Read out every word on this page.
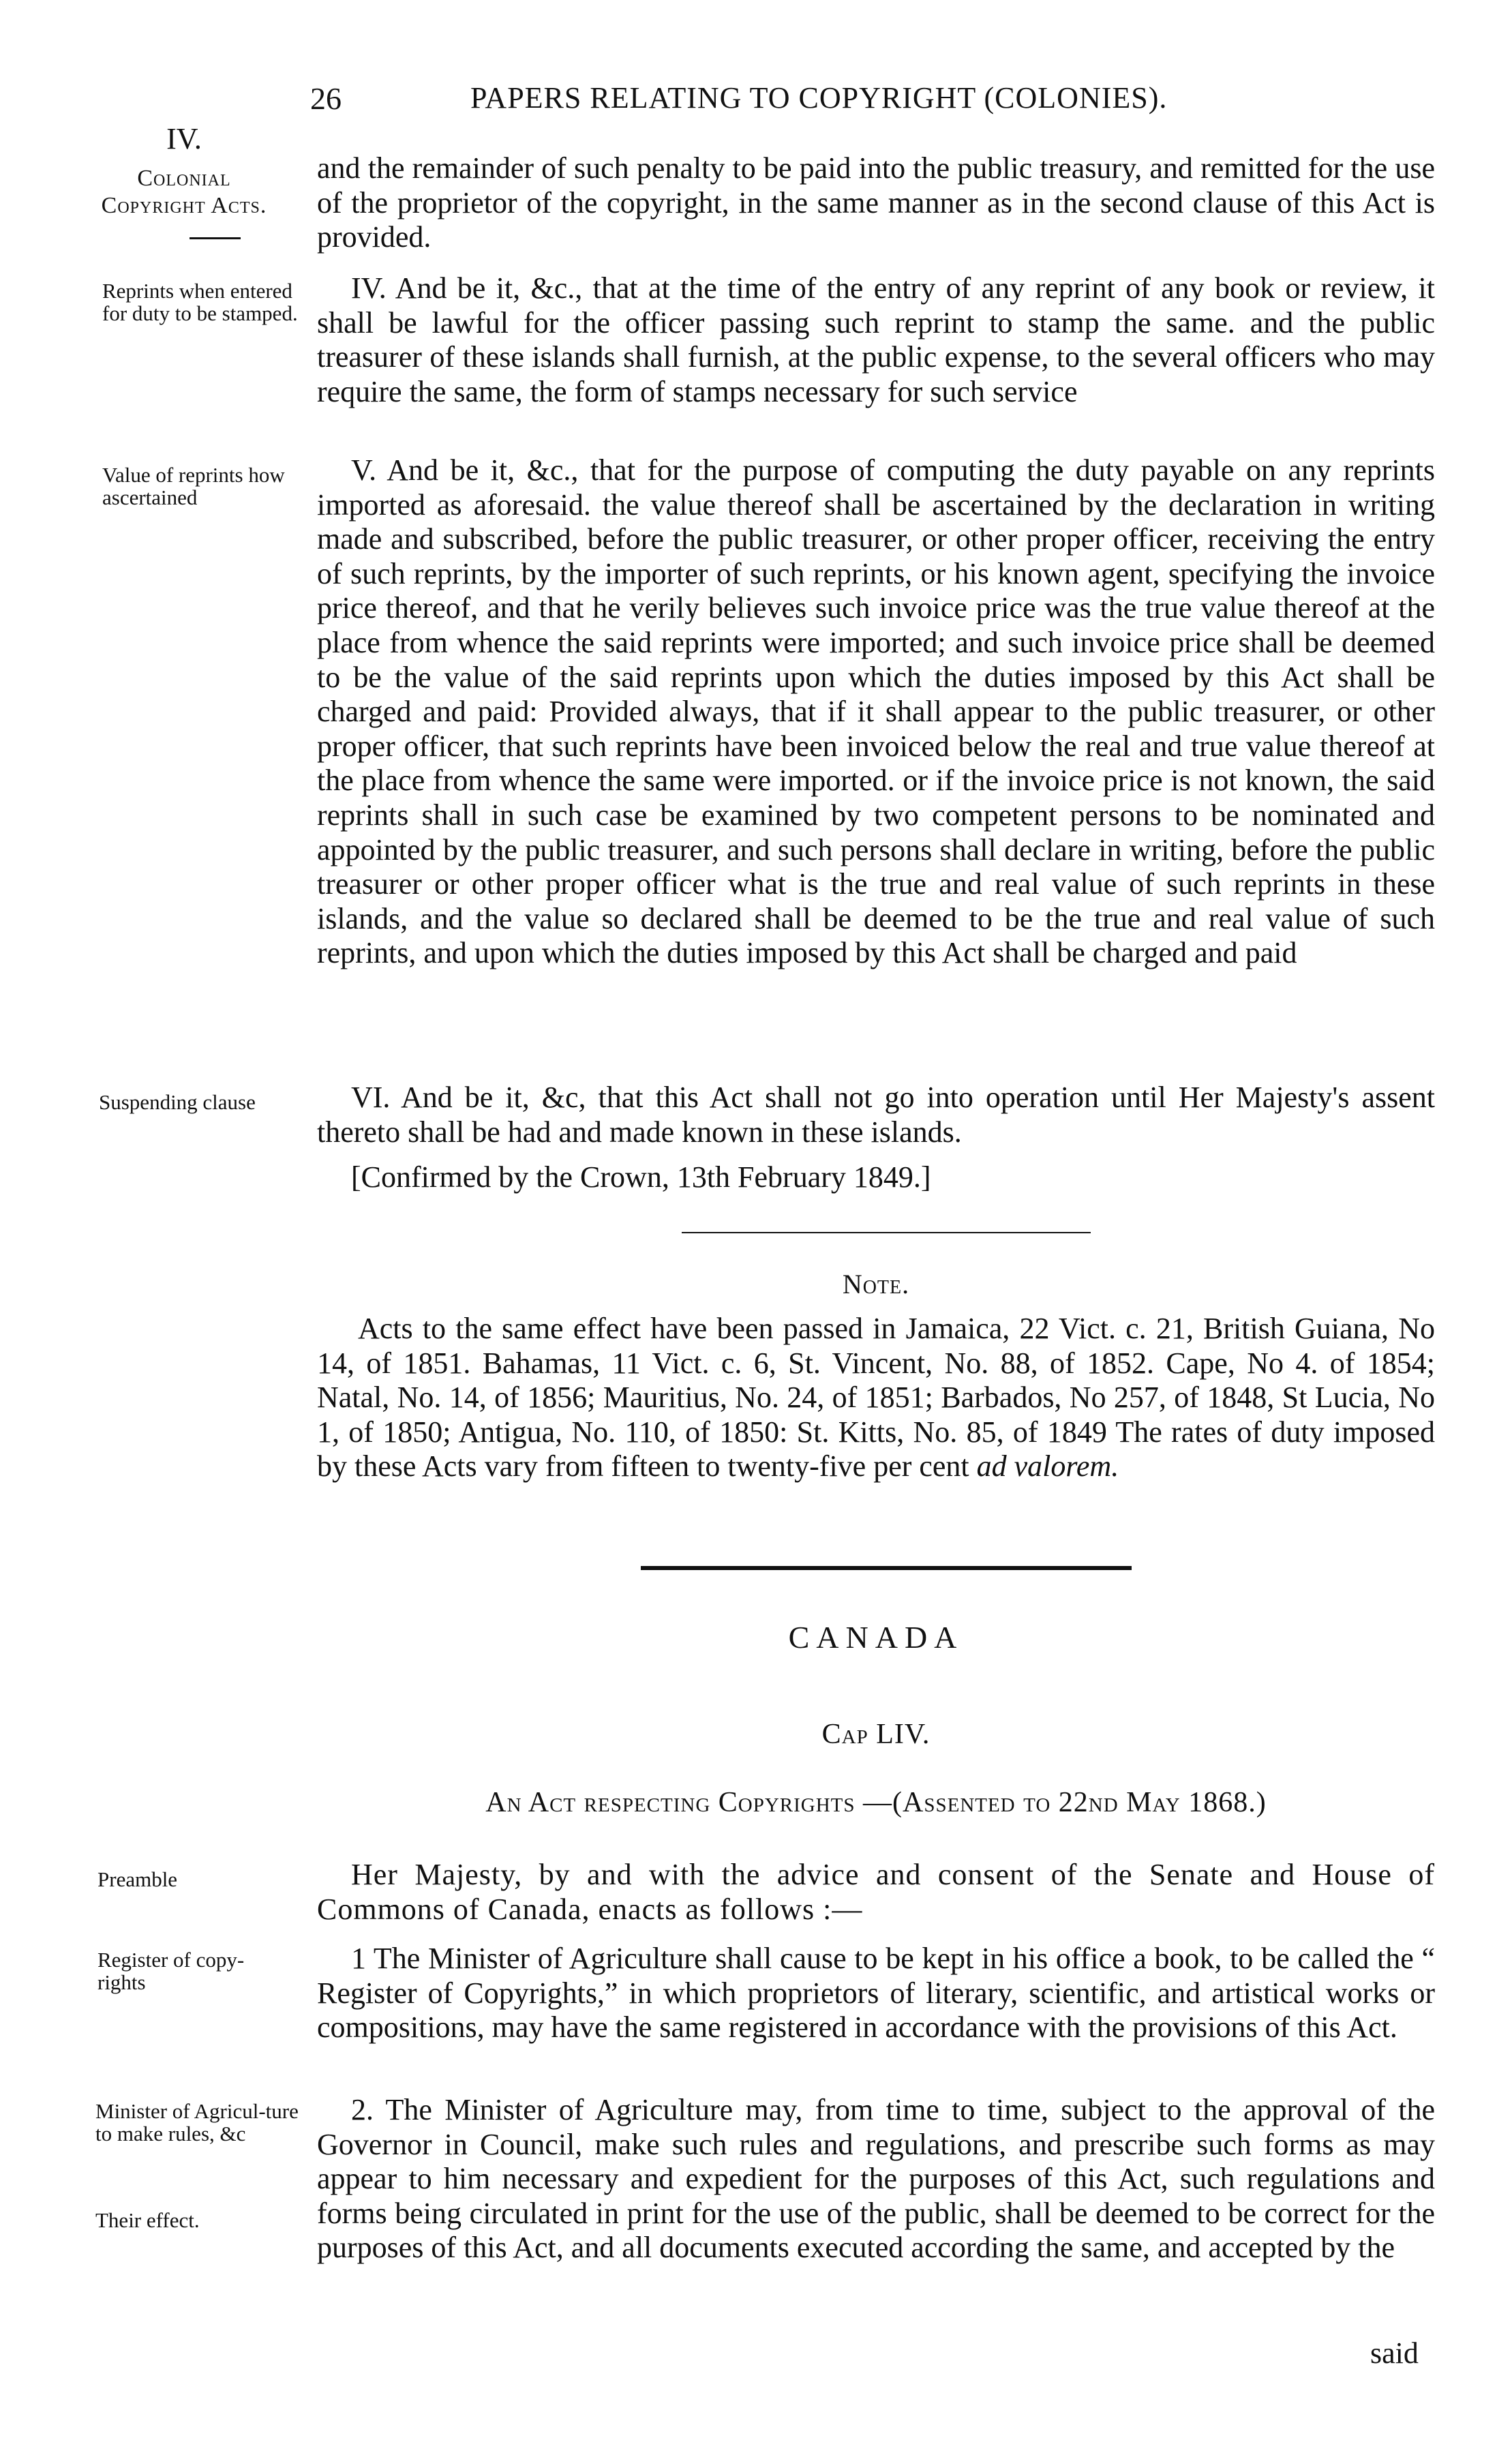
26	PAPERS RELATING TO COPYRIGHT (COLONIES).
IV.
Colonial
Copyright Acts.
Reprints when entered for duty to be stamped.
Value of reprints how ascertained
Suspending clause
Preamble
Register of copy-rights
Minister of Agricul-ture to make rules, &c
Their effect.
and the remainder of such penalty to be paid into the public treasury, and remitted for the use of the proprietor of the copyright, in the same manner as in the second clause of this Act is provided.
IV. And be it, &c., that at the time of the entry of any reprint of any book or review, it shall be lawful for the officer passing such reprint to stamp the same. and the public treasurer of these islands shall furnish, at the public expense, to the several officers who may require the same, the form of stamps necessary for such service
V. And be it, &c., that for the purpose of computing the duty payable on any reprints imported as aforesaid. the value thereof shall be ascertained by the declaration in writing made and subscribed, before the public treasurer, or other proper officer, receiving the entry of such reprints, by the importer of such reprints, or his known agent, specifying the invoice price thereof, and that he verily believes such invoice price was the true value thereof at the place from whence the said reprints were imported; and such invoice price shall be deemed to be the value of the said reprints upon which the duties imposed by this Act shall be charged and paid: Provided always, that if it shall appear to the public treasurer, or other proper officer, that such reprints have been invoiced below the real and true value thereof at the place from whence the same were imported. or if the invoice price is not known, the said reprints shall in such case be examined by two competent persons to be nominated and appointed by the public treasurer, and such persons shall declare in writing, before the public treasurer or other proper officer what is the true and real value of such reprints in these islands, and the value so declared shall be deemed to be the true and real value of such reprints, and upon which the duties imposed by this Act shall be charged and paid
VI. And be it, &c, that this Act shall not go into operation until Her Majesty's assent thereto shall be had and made known in these islands.
[Confirmed by the Crown, 13th February 1849.]
Note.
Acts to the same effect have been passed in Jamaica, 22 Vict. c. 21, British Guiana, No 14, of 1851. Bahamas, 11 Vict. c. 6, St. Vincent, No. 88, of 1852. Cape, No 4. of 1854; Natal, No. 14, of 1856; Mauritius, No. 24, of 1851; Barbados, No 257, of 1848, St Lucia, No 1, of 1850; Antigua, No. 110, of 1850: St. Kitts, No. 85, of 1849 The rates of duty imposed by these Acts vary from fifteen to twenty-five per cent ad valorem.
CANADA
Cap LIV.
An Act respecting Copyrights —(Assented to 22nd May 1868.)
Her Majesty, by and with the advice and consent of the Senate and House of Commons of Canada, enacts as follows :—
1 The Minister of Agriculture shall cause to be kept in his office a book, to be called the “ Register of Copyrights,” in which proprietors of literary, scientific, and artistical works or compositions, may have the same registered in accordance with the provisions of this Act.
2. The Minister of Agriculture may, from time to time, subject to the approval of the Governor in Council, make such rules and regulations, and prescribe such forms as may appear to him necessary and expedient for the purposes of this Act, such regulations and forms being circulated in print for the use of the public, shall be deemed to be correct for the purposes of this Act, and all documents executed according the same, and accepted by the
said
